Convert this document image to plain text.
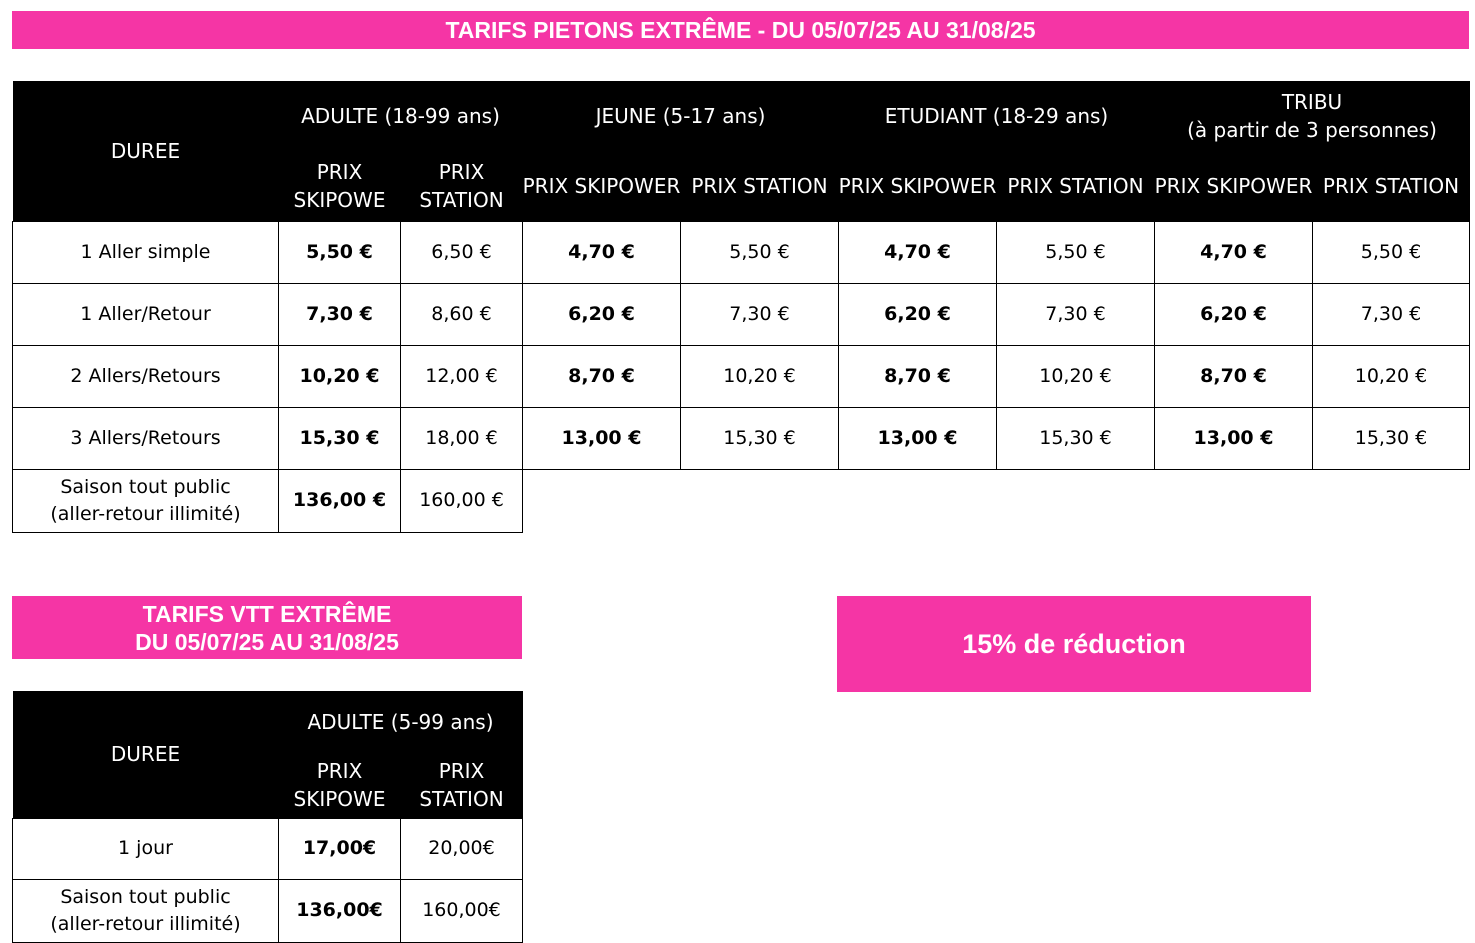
TARIFS PIETONS EXTRÊME - DU 05/07/25 AU 31/08/25
DUREE	ADULTE (18-99 ans)		JEUNE (5-17 ans)		ETUDIANT (18-29 ans)		TRIBU
(à partir de 3 personnes)	

	PRIX SKIPOWE	PRIX STATION	PRIX SKIPOWER	PRIX STATION	PRIX SKIPOWER	PRIX STATION	PRIX SKIPOWER	PRIX STATION
1 Aller simple	5,50 €	6,50 €	4,70 €	5,50 €	4,70 €	5,50 €	4,70 €	5,50 €
1 Aller/Retour	7,30 €	8,60 €	6,20 €	7,30 €	6,20 €	7,30 €	6,20 €	7,30 €
2 Allers/Retours	10,20 €	12,00 €	8,70 €	10,20 €	8,70 €	10,20 €	8,70 €	10,20 €
3 Allers/Retours	15,30 €	18,00 €	13,00 €	15,30 €	13,00 €	15,30 €	13,00 €	15,30 €

Saison tout public
(aller-retour illimité)	136,00 €	160,00 €						
TARIFS VTT EXTRÊME
DU 05/07/25 AU 31/08/25	15% de réduction
DUREE	ADULTE (5-99 ans)	
	PRIX SKIPOWE	PRIX STATION
1 jour	17,00€	20,00€

Saison tout public
(aller-retour illimité)	136,00€	160,00€
